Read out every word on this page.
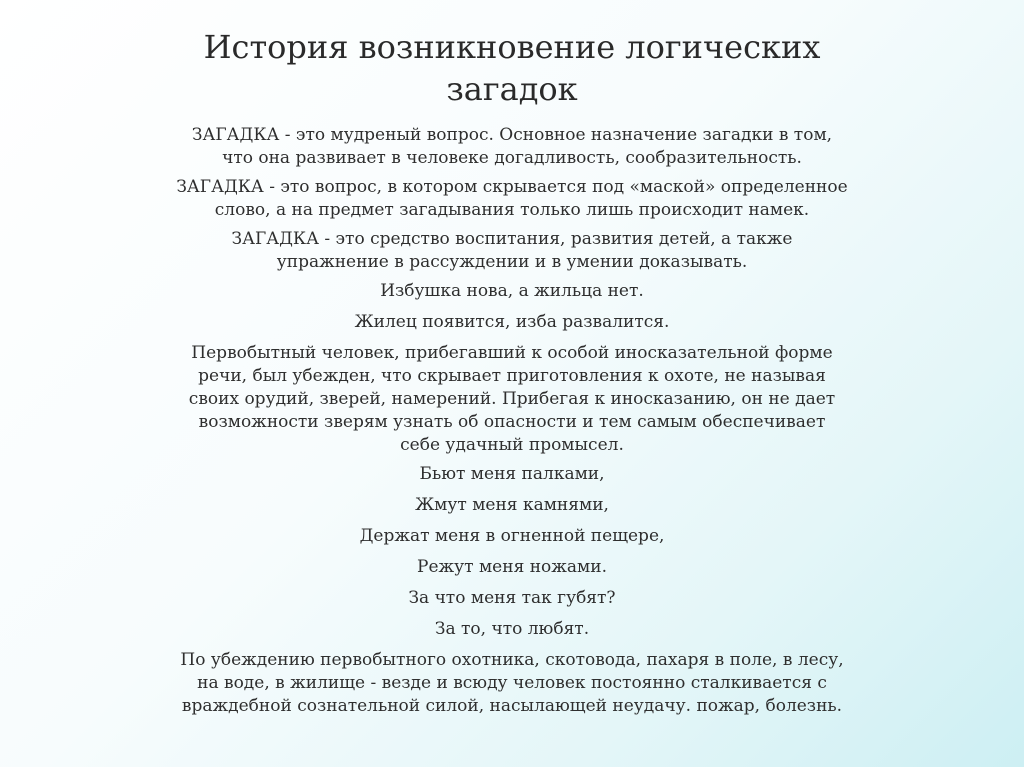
История возникновение логических
загадок

ЗАГАДКА - это мудреный вопрос. Основное назначение загадки в том,
что она развивает в человеке догадливость, сообразительность.

ЗАГАДКА - это вопрос, в котором скрывается под «маской» определенное
слово, а на предмет загадывания только лишь происходит намек.

ЗАГАДКА - это средство воспитания, развития детей, а также
упражнение в рассуждении и в умении доказывать.

Избушка нова, а жильца нет.

Жилец появится, изба развалится.

Первобытный человек, прибегавший к особой иносказательной форме
речи, был убежден, что скрывает приготовления к охоте, не называя
своих орудий, зверей, намерений. Прибегая к иносказанию, он не дает
возможности зверям узнать об опасности и тем самым обеспечивает
себе удачный промысел.

Бьют меня палками,

Жмут меня камнями,

Держат меня в огненной пещере,

Режут меня ножами.

За что меня так губят?

За то, что любят.

По убеждению первобытного охотника, скотовода, пахаря в поле, в лесу,
на воде, в жилище - везде и всюду человек постоянно сталкивается с
враждебной сознательной силой, насылающей неудачу. пожар, болезнь.
